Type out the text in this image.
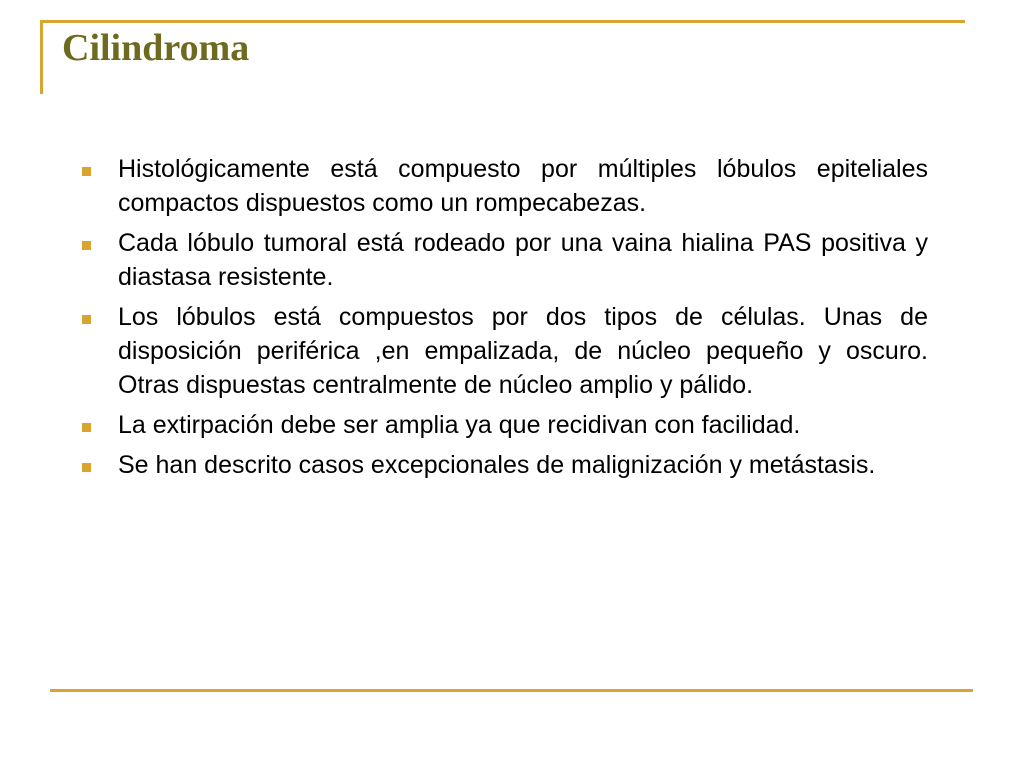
Cilindroma
Histológicamente está compuesto por múltiples lóbulos epiteliales compactos dispuestos como un rompecabezas.
Cada lóbulo tumoral está rodeado por una vaina hialina PAS positiva y diastasa resistente.
Los lóbulos está compuestos por dos tipos de células. Unas de disposición periférica ,en empalizada, de núcleo pequeño y oscuro. Otras dispuestas centralmente de núcleo amplio y pálido.
La extirpación debe ser amplia ya que recidivan con facilidad.
Se han descrito casos excepcionales de malignización y metástasis.
